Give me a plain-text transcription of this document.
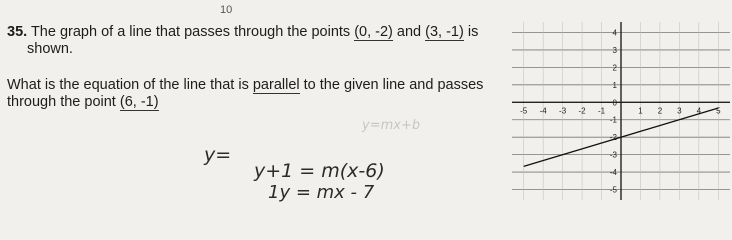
10
35. The graph of a line that passes through the points (0, -2) and (3, -1) is
shown.
What is the equation of the line that is parallel to the given line and passes
through the point (6, -1)
y=mx+b
y=
y+1 = m(x-6)
1y = mx - 7
-5 -4 -3 -2 -1	1 2 3 4 5
4
3
2
1
0
-1
-2
-3
-4
-5
